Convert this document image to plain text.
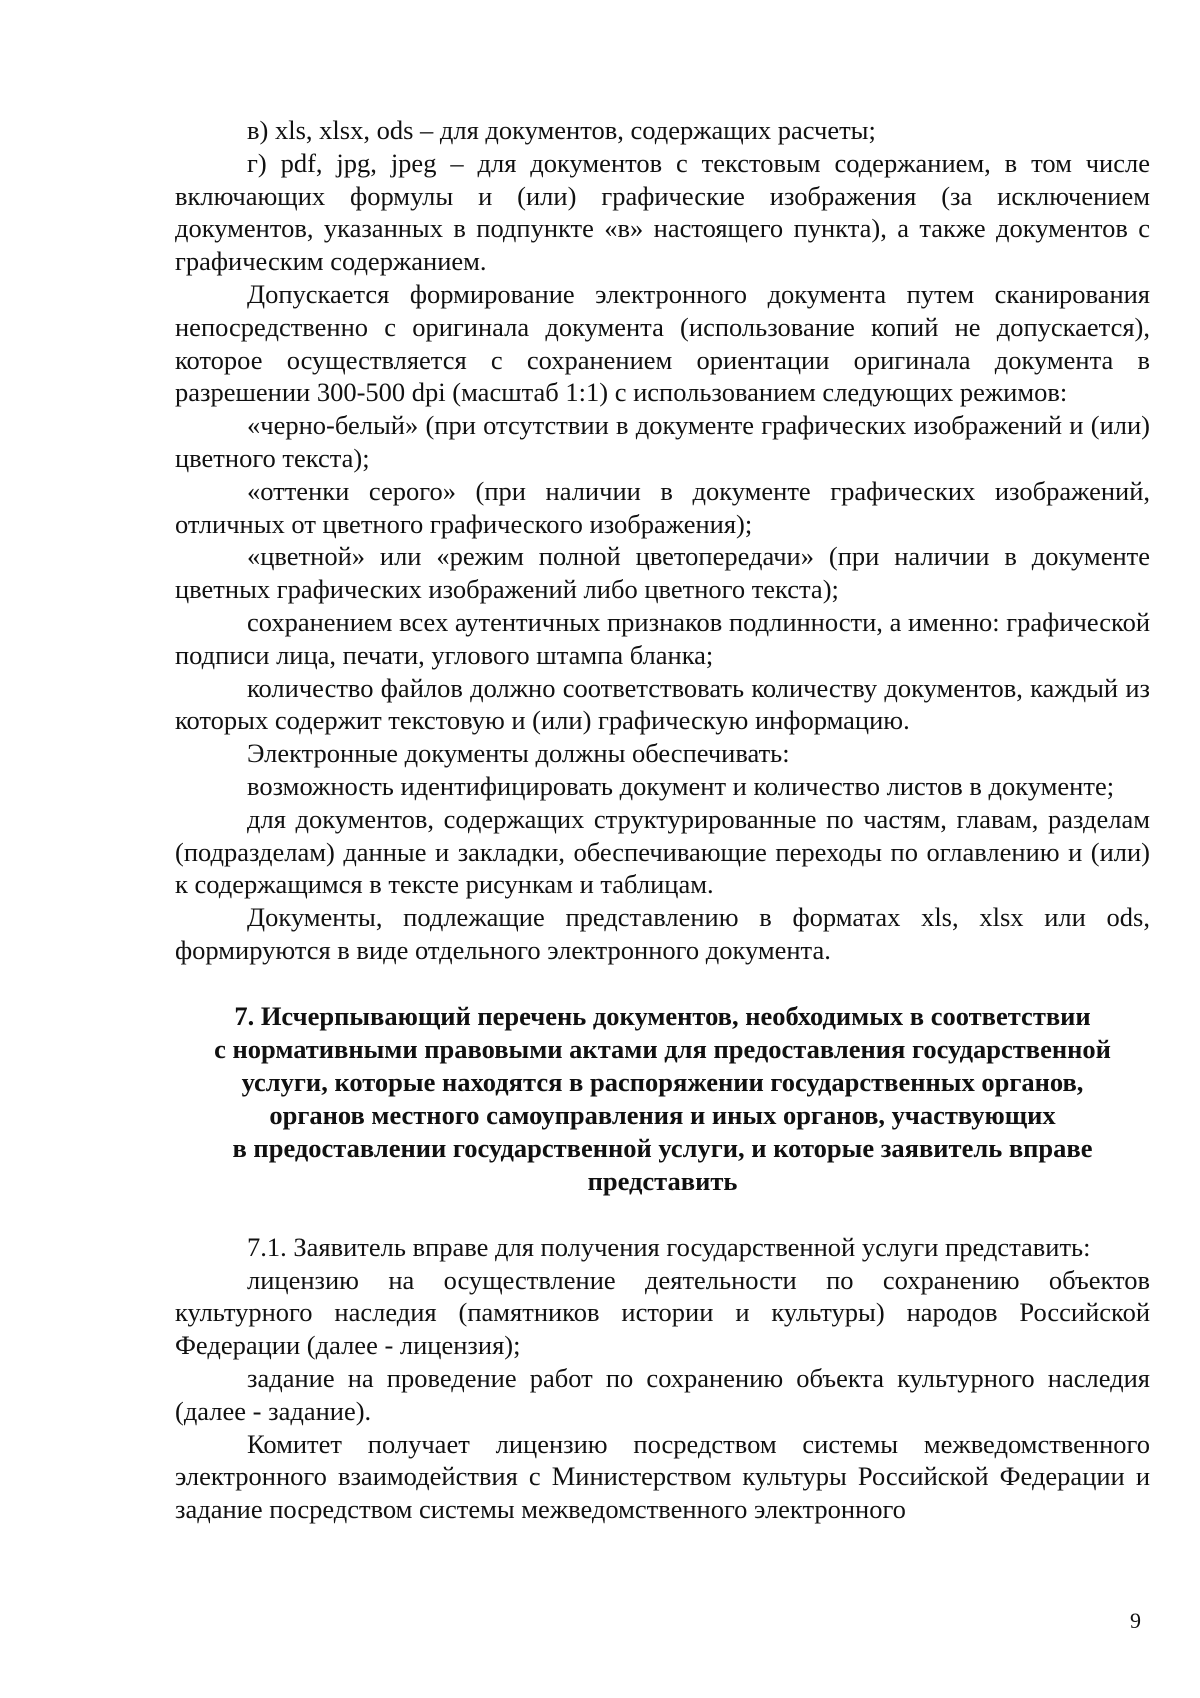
в) xls, xlsx, ods – для документов, содержащих расчеты;

г) pdf, jpg, jpeg – для документов с текстовым содержанием, в том числе включающих формулы и (или) графические изображения (за исключением документов, указанных в подпункте «в» настоящего пункта), а также документов с графическим содержанием.

Допускается формирование электронного документа путем сканирования непосредственно с оригинала документа (использование копий не допускается), которое осуществляется с сохранением ориентации оригинала документа в разрешении 300-500 dpi (масштаб 1:1) с использованием следующих режимов:

«черно-белый» (при отсутствии в документе графических изображений и (или) цветного текста);

«оттенки серого» (при наличии в документе графических изображений, отличных от цветного графического изображения);

«цветной» или «режим полной цветопередачи» (при наличии в документе цветных графических изображений либо цветного текста);

сохранением всех аутентичных признаков подлинности, а именно: графической подписи лица, печати, углового штампа бланка;

количество файлов должно соответствовать количеству документов, каждый из которых содержит текстовую и (или) графическую информацию.

Электронные документы должны обеспечивать:

возможность идентифицировать документ и количество листов в документе;

для документов, содержащих структурированные по частям, главам, разделам (подразделам) данные и закладки, обеспечивающие переходы по оглавлению и (или) к содержащимся в тексте рисункам и таблицам.

Документы, подлежащие представлению в форматах xls, xlsx или ods, формируются в виде отдельного электронного документа.

7. Исчерпывающий перечень документов, необходимых в соответствии
с нормативными правовыми актами для предоставления государственной
услуги, которые находятся в распоряжении государственных органов,
органов местного самоуправления и иных органов, участвующих
в предоставлении государственной услуги, и которые заявитель вправе
представить

7.1. Заявитель вправе для получения государственной услуги представить:

лицензию на осуществление деятельности по сохранению объектов культурного наследия (памятников истории и культуры) народов Российской Федерации (далее - лицензия);

задание на проведение работ по сохранению объекта культурного наследия (далее - задание).

Комитет получает лицензию посредством системы межведомственного электронного взаимодействия с Министерством культуры Российской Федерации и задание посредством системы межведомственного электронного

9
